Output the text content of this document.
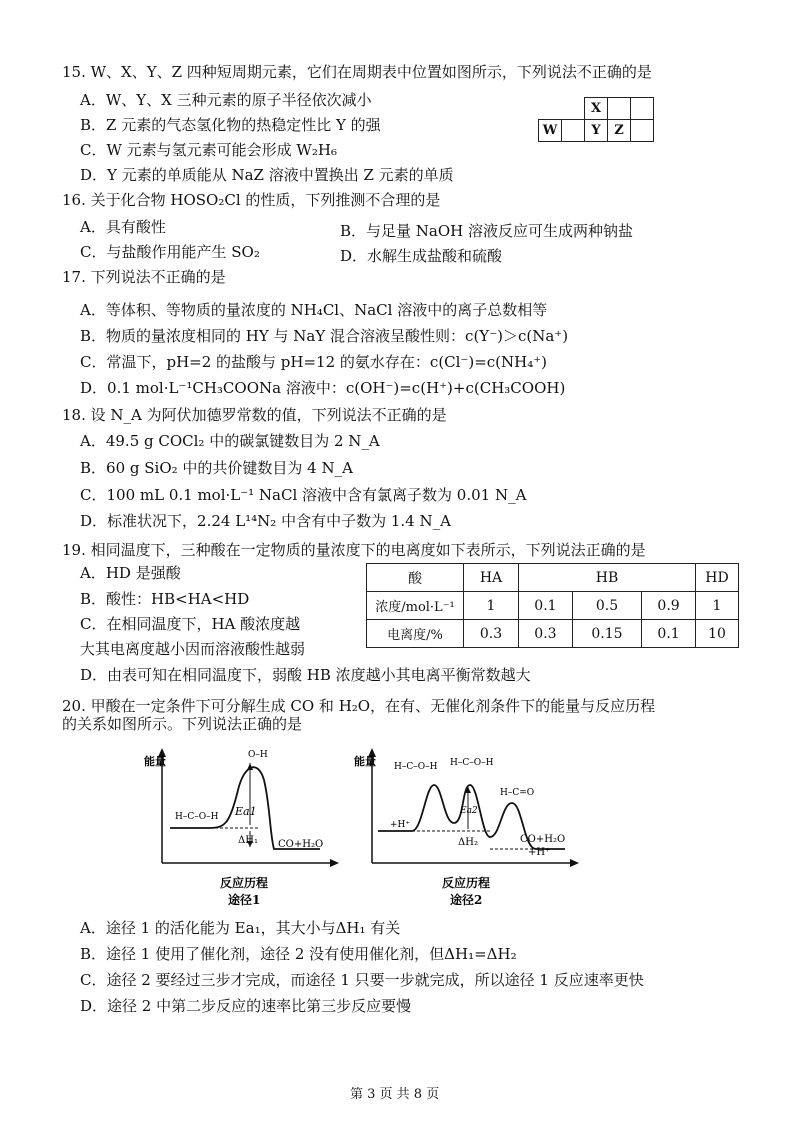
15. W、X、Y、Z 四种短周期元素，它们在周期表中位置如图所示，下列说法不正确的是
A．W、Y、X 三种元素的原子半径依次减小
B．Z 元素的气态氢化物的热稳定性比 Y 的强
C．W 元素与氢元素可能会形成 W₂H₆
D．Y 元素的单质能从 NaZ 溶液中置换出 Z 元素的单质
		X		
W		Y	Z	
16. 关于化合物 HOSO₂Cl 的性质，下列推测不合理的是
A．具有酸性	B．与足量 NaOH 溶液反应可生成两种钠盐
C．与盐酸作用能产生 SO₂	D．水解生成盐酸和硫酸
17. 下列说法不正确的是
A．等体积、等物质的量浓度的 NH₄Cl、NaCl 溶液中的离子总数相等
B．物质的量浓度相同的 HY 与 NaY 混合溶液呈酸性则：c(Y⁻)＞c(Na⁺)
C．常温下，pH=2 的盐酸与 pH=12 的氨水存在：c(Cl⁻)=c(NH₄⁺)
D．0.1 mol·L⁻¹CH₃COONa 溶液中：c(OH⁻)=c(H⁺)+c(CH₃COOH)
18. 设 N_A 为阿伏加德罗常数的值，下列说法不正确的是
A．49.5 g COCl₂ 中的碳氯键数目为 2 N_A
B．60 g SiO₂ 中的共价键数目为 4 N_A
C．100 mL 0.1 mol·L⁻¹ NaCl 溶液中含有氯离子数为 0.01 N_A
D．标准状况下，2.24 L¹⁴N₂ 中含有中子数为 1.4 N_A
19. 相同温度下，三种酸在一定物质的量浓度下的电离度如下表所示，下列说法正确的是
A．HD 是强酸
B．酸性：HB<HA<HD
C．在相同温度下，HA 酸浓度越
大其电离度越小因而溶液酸性越弱
D．由表可知在相同温度下，弱酸 HB 浓度越小其电离平衡常数越大
酸	HA	HB			HD
浓度/mol·L⁻¹	1	0.1	0.5	0.9	1
电离度/%	0.3	0.3	0.15	0.1	10
20. 甲酸在一定条件下可分解生成 CO 和 H₂O，在有、无催化剂条件下的能量与反应历程
的关系如图所示。下列说法正确的是
能量
Ea1
ΔH₁ CO+H₂O
H–C–O–H
O–H
反应历程
途径1
能量
Ea2
ΔH₂	CO+H₂O
+H⁺
+H⁺
H–C–O–H H–C–O–H
H–C=O
反应历程
途径2
A．途径 1 的活化能为 Ea₁，其大小与ΔH₁ 有关
B．途径 1 使用了催化剂，途径 2 没有使用催化剂，但ΔH₁=ΔH₂
C．途径 2 要经过三步才完成，而途径 1 只要一步就完成，所以途径 1 反应速率更快
D．途径 2 中第二步反应的速率比第三步反应要慢
第 3 页 共 8 页
